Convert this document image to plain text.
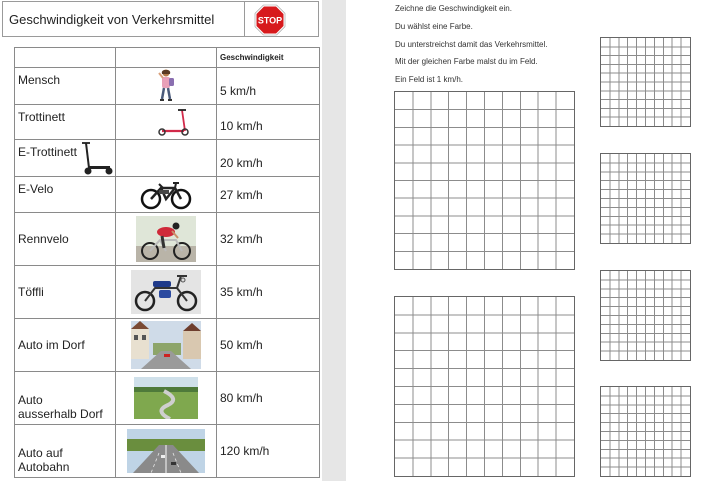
Geschwindigkeit von Verkehrsmittel	STOP
		Geschwindigkeit
Mensch		5 km/h
Trottinett		10 km/h
E-Trottinett		20 km/h
E-Velo		27 km/h
Rennvelo		32 km/h
Töffli		35 km/h
Auto im Dorf		50 km/h
Auto
ausserhalb Dorf		80 km/h
Auto auf
Autobahn		120 km/h
Zeichne die Geschwindigkeit ein.
Du wählst eine Farbe.
Du unterstreichst damit das Verkehrsmittel.
Mit der gleichen Farbe malst du im Feld.
Ein Feld ist 1 km/h.
